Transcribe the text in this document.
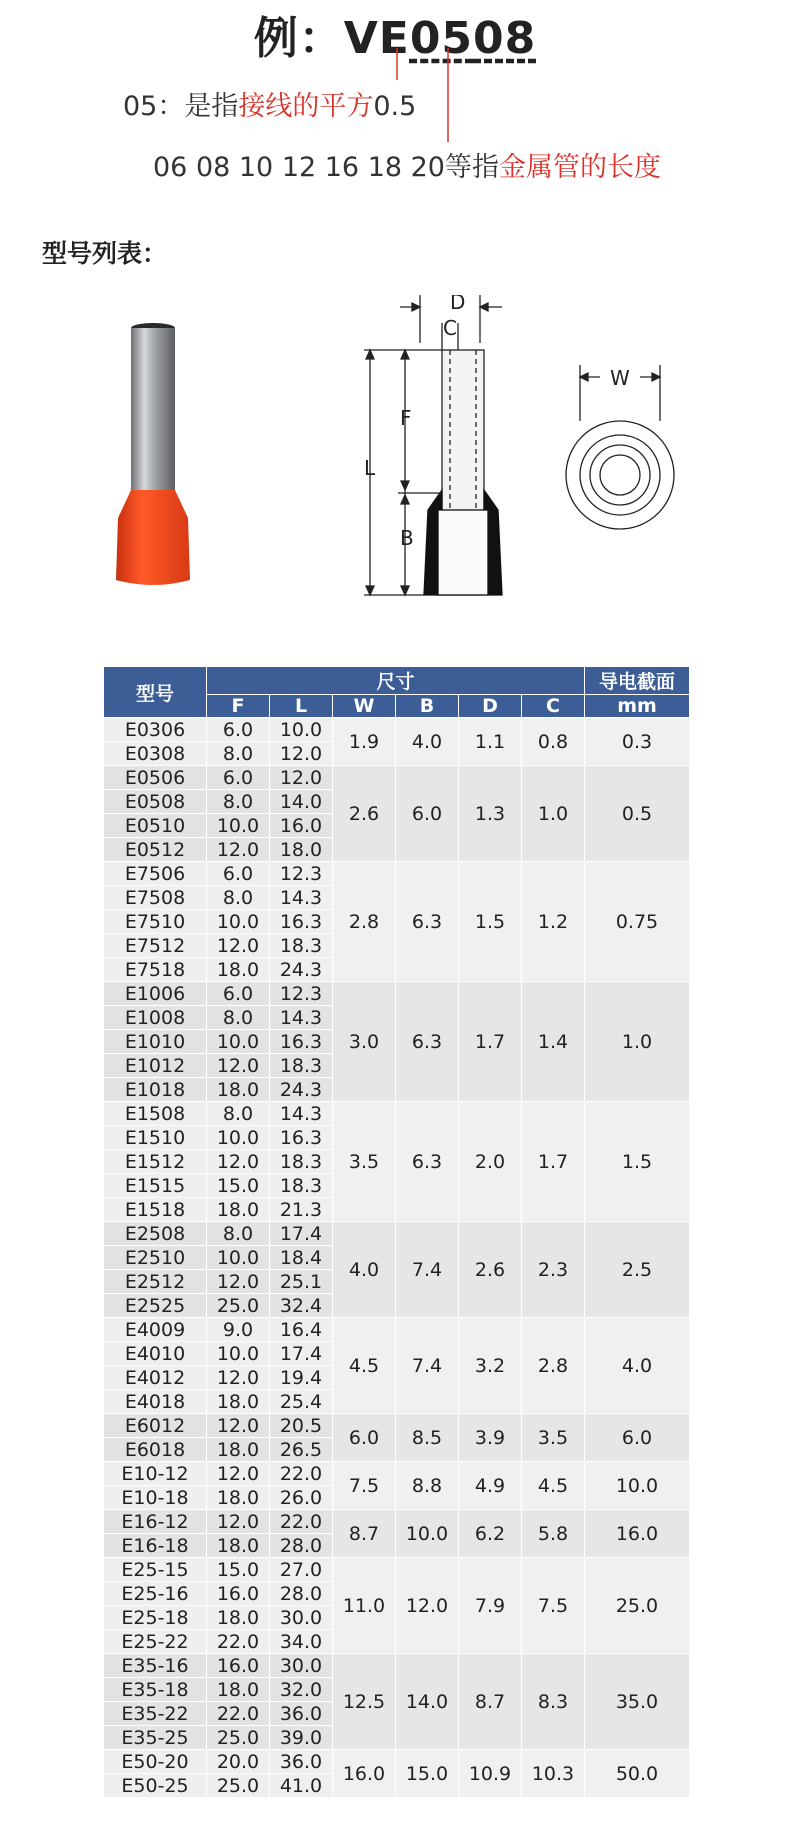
例：VE0508
05：是指接线的平方0.5
06 08 10 12 16 18 20等指金属管的长度
型号列表：
D
C
F
L
B
W
型号	尺寸						导电截面
	F	L	W	B	D	C	mm
E0306	6.0	10.0	1.9	4.0	1.1	0.8	0.3
E0308	8.0	12.0					
E0506	6.0	12.0	2.6	6.0	1.3	1.0	0.5
E0508	8.0	14.0					
E0510	10.0	16.0					
E0512	12.0	18.0					
E7506	6.0	12.3	2.8	6.3	1.5	1.2	0.75
E7508	8.0	14.3					
E7510	10.0	16.3					
E7512	12.0	18.3					
E7518	18.0	24.3					
E1006	6.0	12.3	3.0	6.3	1.7	1.4	1.0
E1008	8.0	14.3					
E1010	10.0	16.3					
E1012	12.0	18.3					
E1018	18.0	24.3					
E1508	8.0	14.3	3.5	6.3	2.0	1.7	1.5
E1510	10.0	16.3					
E1512	12.0	18.3					
E1515	15.0	18.3					
E1518	18.0	21.3					
E2508	8.0	17.4	4.0	7.4	2.6	2.3	2.5
E2510	10.0	18.4					
E2512	12.0	25.1					
E2525	25.0	32.4					
E4009	9.0	16.4	4.5	7.4	3.2	2.8	4.0
E4010	10.0	17.4					
E4012	12.0	19.4					
E4018	18.0	25.4					
E6012	12.0	20.5	6.0	8.5	3.9	3.5	6.0
E6018	18.0	26.5					
E10-12	12.0	22.0	7.5	8.8	4.9	4.5	10.0
E10-18	18.0	26.0					
E16-12	12.0	22.0	8.7	10.0	6.2	5.8	16.0
E16-18	18.0	28.0					
E25-15	15.0	27.0	11.0	12.0	7.9	7.5	25.0
E25-16	16.0	28.0					
E25-18	18.0	30.0					
E25-22	22.0	34.0					
E35-16	16.0	30.0	12.5	14.0	8.7	8.3	35.0
E35-18	18.0	32.0					
E35-22	22.0	36.0					
E35-25	25.0	39.0					
E50-20	20.0	36.0	16.0	15.0	10.9	10.3	50.0
E50-25	25.0	41.0					
